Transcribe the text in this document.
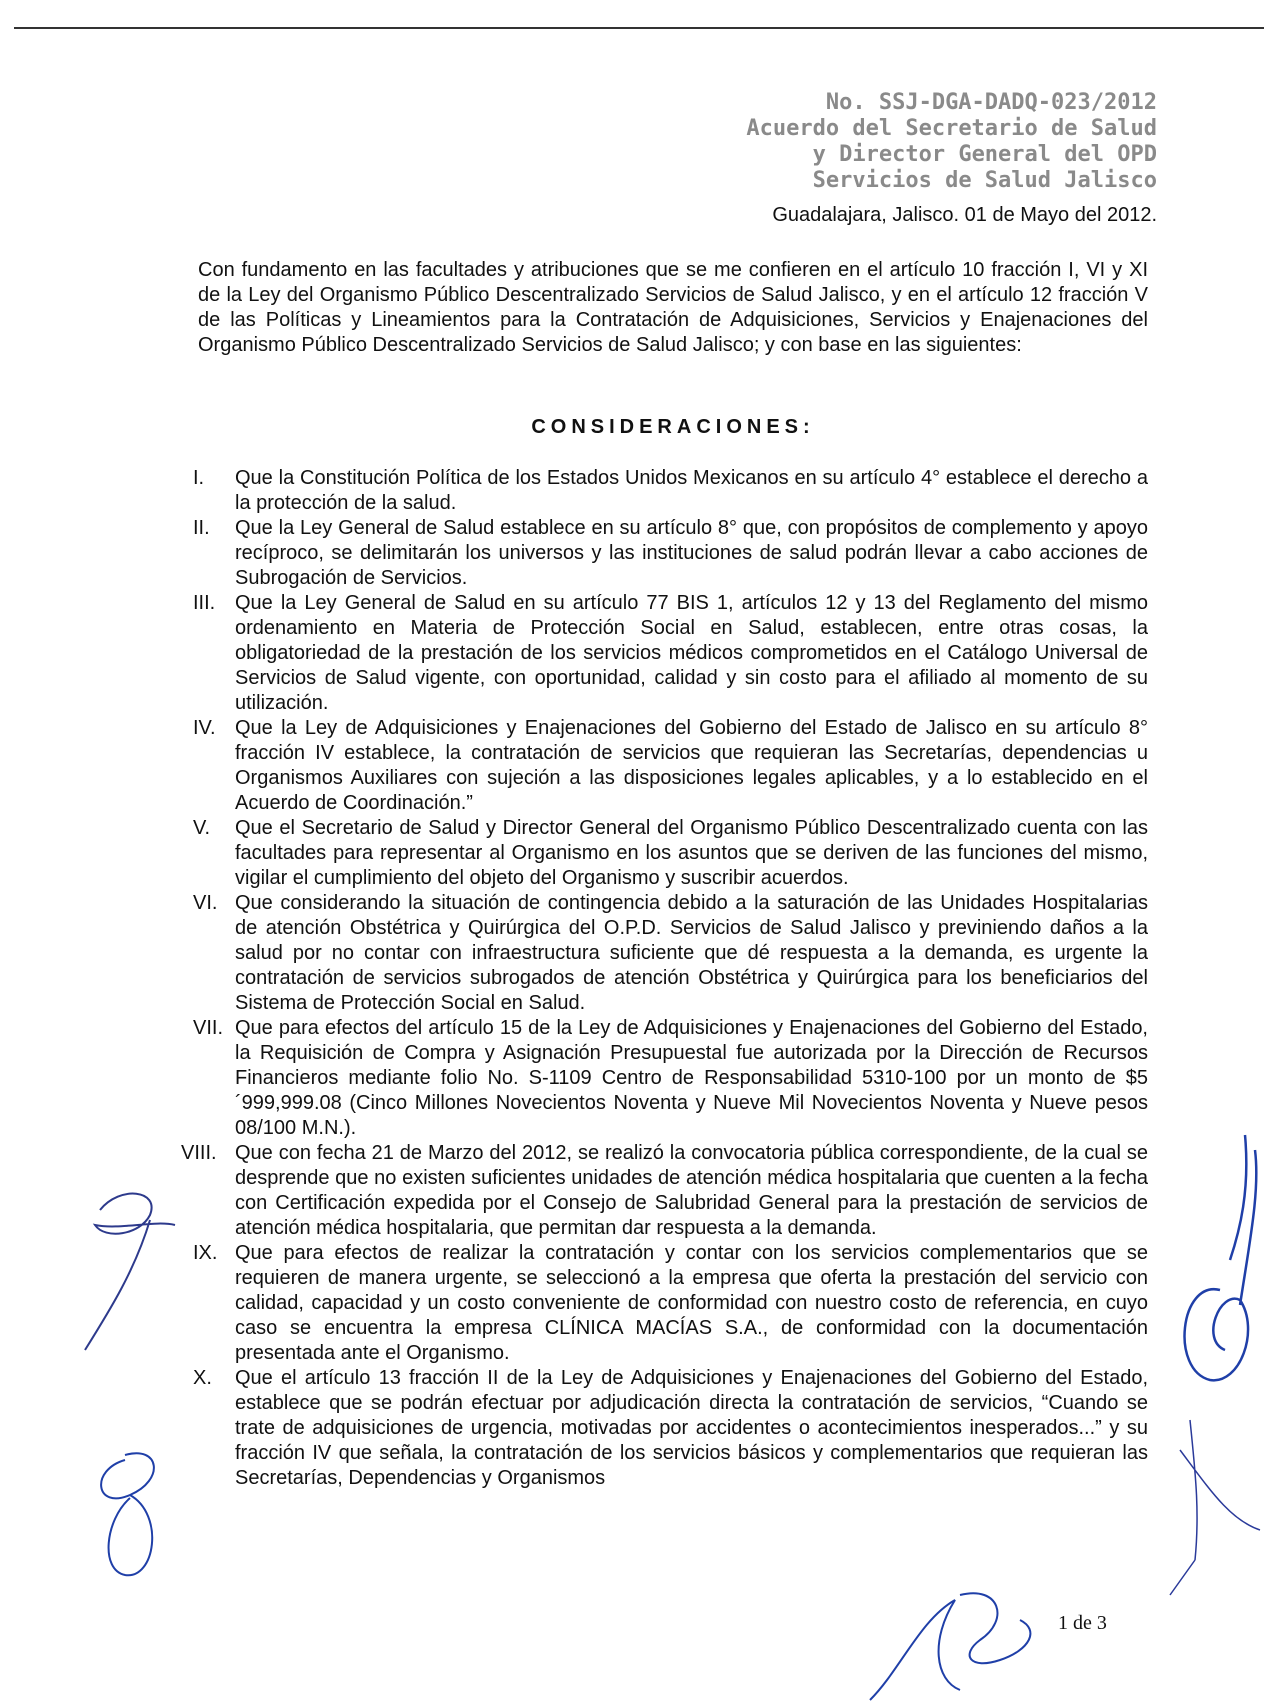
No. SSJ-DGA-DADQ-023/2012
Acuerdo del Secretario de Salud
y Director General del OPD
Servicios de Salud Jalisco
Guadalajara, Jalisco. 01 de Mayo del 2012.
Con fundamento en las facultades y atribuciones que se me confieren en el artículo 10 fracción I, VI y XI de la Ley del Organismo Público Descentralizado Servicios de Salud Jalisco, y en el artículo 12 fracción V de las Políticas y Lineamientos para la Contratación de Adquisiciones, Servicios y Enajenaciones del Organismo Público Descentralizado Servicios de Salud Jalisco; y con base en las siguientes:
CONSIDERACIONES:
I. Que la Constitución Política de los Estados Unidos Mexicanos en su artículo 4° establece el derecho a la protección de la salud.
II. Que la Ley General de Salud establece en su artículo 8° que, con propósitos de complemento y apoyo recíproco, se delimitarán los universos y las instituciones de salud podrán llevar a cabo acciones de Subrogación de Servicios.
III. Que la Ley General de Salud en su artículo 77 BIS 1, artículos 12 y 13 del Reglamento del mismo ordenamiento en Materia de Protección Social en Salud, establecen, entre otras cosas, la obligatoriedad de la prestación de los servicios médicos comprometidos en el Catálogo Universal de Servicios de Salud vigente, con oportunidad, calidad y sin costo para el afiliado al momento de su utilización.
IV. Que la Ley de Adquisiciones y Enajenaciones del Gobierno del Estado de Jalisco en su artículo 8° fracción IV establece, la contratación de servicios que requieran las Secretarías, dependencias u Organismos Auxiliares con sujeción a las disposiciones legales aplicables, y a lo establecido en el Acuerdo de Coordinación.”
V. Que el Secretario de Salud y Director General del Organismo Público Descentralizado cuenta con las facultades para representar al Organismo en los asuntos que se deriven de las funciones del mismo, vigilar el cumplimiento del objeto del Organismo y suscribir acuerdos.
VI. Que considerando la situación de contingencia debido a la saturación de las Unidades Hospitalarias de atención Obstétrica y Quirúrgica del O.P.D. Servicios de Salud Jalisco y previniendo daños a la salud por no contar con infraestructura suficiente que dé respuesta a la demanda, es urgente la contratación de servicios subrogados de atención Obstétrica y Quirúrgica para los beneficiarios del Sistema de Protección Social en Salud.
VII. Que para efectos del artículo 15 de la Ley de Adquisiciones y Enajenaciones del Gobierno del Estado, la Requisición de Compra y Asignación Presupuestal fue autorizada por la Dirección de Recursos Financieros mediante folio No. S-1109 Centro de Responsabilidad 5310-100 por un monto de $5´999,999.08 (Cinco Millones Novecientos Noventa y Nueve Mil Novecientos Noventa y Nueve pesos 08/100 M.N.).
VIII. Que con fecha 21 de Marzo del 2012, se realizó la convocatoria pública correspondiente, de la cual se desprende que no existen suficientes unidades de atención médica hospitalaria que cuenten a la fecha con Certificación expedida por el Consejo de Salubridad General para la prestación de servicios de atención médica hospitalaria, que permitan dar respuesta a la demanda.
IX. Que para efectos de realizar la contratación y contar con los servicios complementarios que se requieren de manera urgente, se seleccionó a la empresa que oferta la prestación del servicio con calidad, capacidad y un costo conveniente de conformidad con nuestro costo de referencia, en cuyo caso se encuentra la empresa CLÍNICA MACÍAS S.A., de conformidad con la documentación presentada ante el Organismo.
X. Que el artículo 13 fracción II de la Ley de Adquisiciones y Enajenaciones del Gobierno del Estado, establece que se podrán efectuar por adjudicación directa la contratación de servicios, “Cuando se trate de adquisiciones de urgencia, motivadas por accidentes o acontecimientos inesperados...” y su fracción IV que señala, la contratación de los servicios básicos y complementarios que requieran las Secretarías, Dependencias y Organismos
1 de 3
